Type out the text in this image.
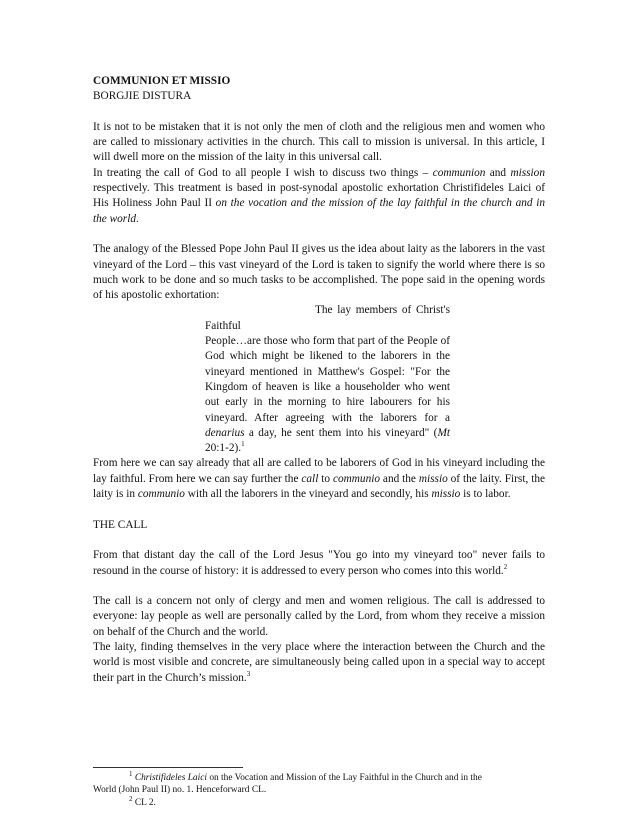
COMMUNION ET MISSIO

BORGJIE DISTURA

It is not to be mistaken that it is not only the men of cloth and the religious men and women who are called to missionary activities in the church. This call to mission is universal. In this article, I will dwell more on the mission of the laity in this universal call.

In treating the call of God to all people I wish to discuss two things – communion and mission respectively. This treatment is based in post-synodal apostolic exhortation Christifideles Laici of His Holiness John Paul II on the vocation and the mission of the lay faithful in the church and in the world.

The analogy of the Blessed Pope John Paul II gives us the idea about laity as the laborers in the vast vineyard of the Lord – this vast vineyard of the Lord is taken to signify the world where there is so much work to be done and so much tasks to be accomplished. The pope said in the opening words of his apostolic exhortation:

The lay members of Christ's Faithful
People…are those who form that part of the People of God which might be likened to the laborers in the vineyard mentioned in Matthew's Gospel: "For the Kingdom of heaven is like a householder who went out early in the morning to hire labourers for his vineyard. After agreeing with the laborers for a denarius a day, he sent them into his vineyard" (Mt 20:1-2).$^1$

From here we can say already that all are called to be laborers of God in his vineyard including the lay faithful. From here we can say further the call to communio and the missio of the laity. First, the laity is in communio with all the laborers in the vineyard and secondly, his missio is to labor.

THE CALL

From that distant day the call of the Lord Jesus "You go into my vineyard too" never fails to resound in the course of history: it is addressed to every person who comes into this world.$^2$

The call is a concern not only of clergy and men and women religious. The call is addressed to everyone: lay people as well are personally called by the Lord, from whom they receive a mission on behalf of the Church and the world.

The laity, finding themselves in the very place where the interaction between the Church and the world is most visible and concrete, are simultaneously being called upon in a special way to accept their part in the Church’s mission.$^3$

$^1$ Christifideles Laici on the Vocation and Mission of the Lay Faithful in the Church and in the

World (John Paul II) no. 1. Henceforward CL.

$^2$ CL 2.
